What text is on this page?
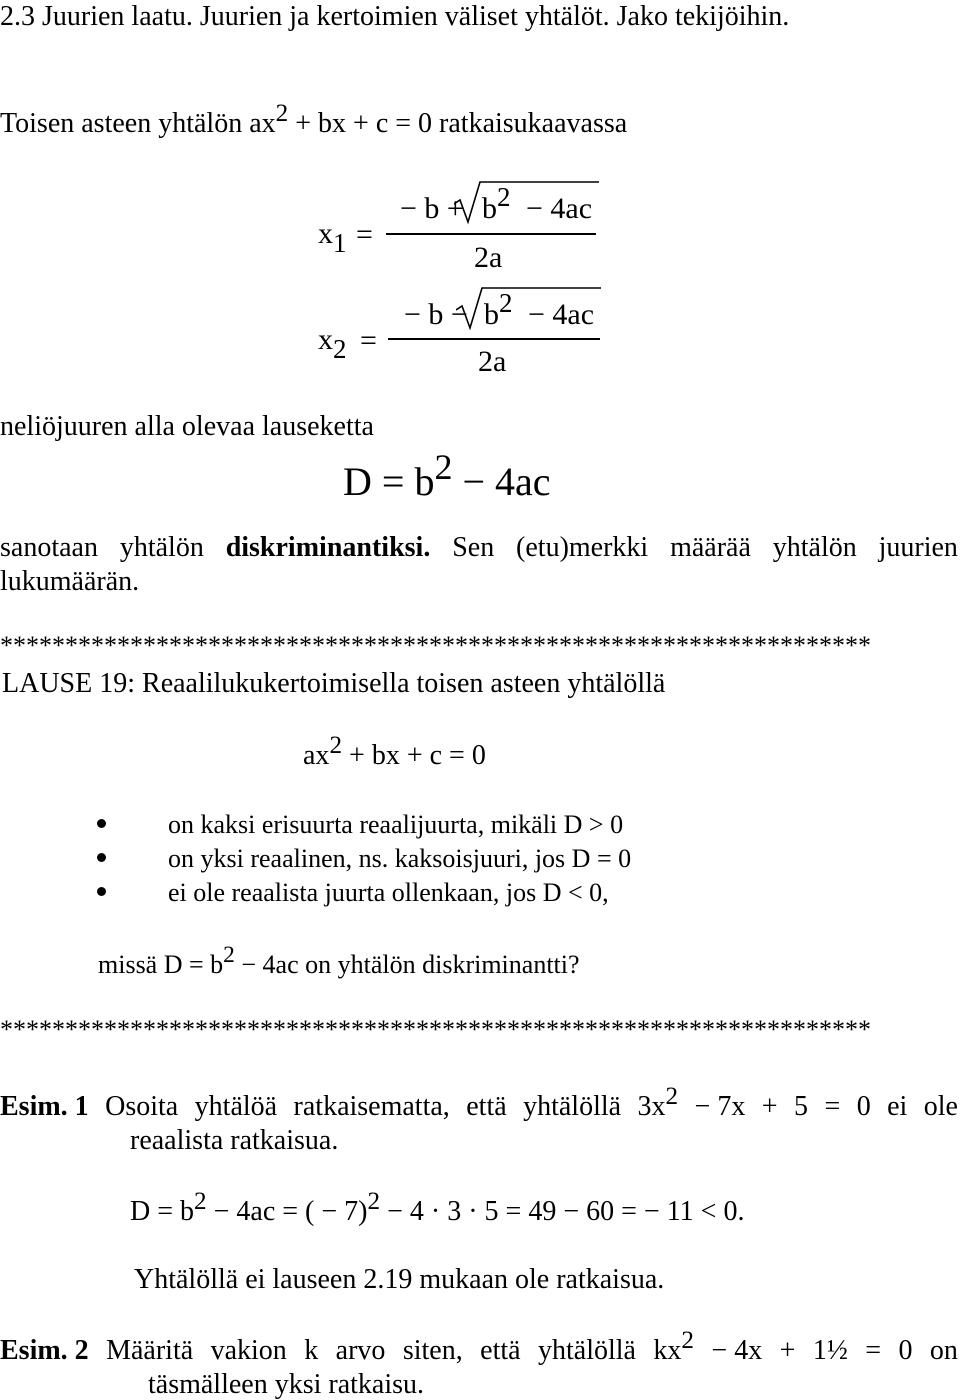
2.3 Juurien laatu. Juurien ja kertoimien väliset yhtälöt. Jako tekijöihin.
Toisen asteen yhtälön ax2 + bx + c = 0 ratkaisukaavassa
x1 =
− b + b2 − 4ac
2a
x2 =
− b − b2 − 4ac
2a
neliöjuuren alla olevaa lauseketta
D = b2 − 4ac
sanotaan yhtälön diskriminantiksi. Sen (etu)merkki määrää yhtälön juurien
lukumäärän.
*******************************************************************
LAUSE 19: Reaalilukukertoimisella toisen asteen yhtälöllä
ax2 + bx + c = 0
on kaksi erisuurta reaalijuurta, mikäli D > 0
on yksi reaalinen, ns. kaksoisjuuri, jos D = 0
ei ole reaalista juurta ollenkaan, jos D < 0,
missä D = b2 − 4ac on yhtälön diskriminantti?
*******************************************************************
Esim. 1 Osoita yhtälöä ratkaisematta, että yhtälöllä 3x2 − 7x + 5 = 0 ei ole
reaalista ratkaisua.
D = b2 − 4ac = ( − 7)2 − 4 · 3 · 5 = 49 − 60 = − 11 < 0.
Yhtälöllä ei lauseen 2.19 mukaan ole ratkaisua.
Esim. 2 Määritä vakion k arvo siten, että yhtälöllä kx2 − 4x + 1½ = 0 on
täsmälleen yksi ratkaisu.
